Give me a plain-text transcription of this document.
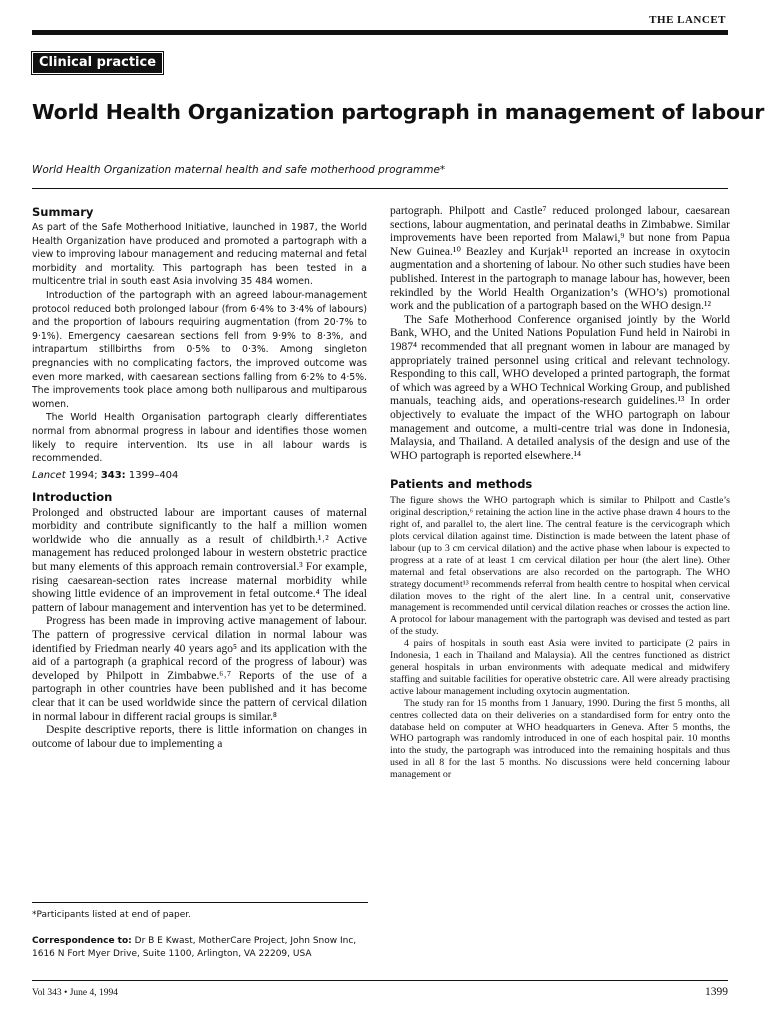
THE LANCET
Clinical practice
World Health Organization partograph in management of labour
World Health Organization maternal health and safe motherhood programme*
Summary

As part of the Safe Motherhood Initiative, launched in 1987, the World Health Organization have produced and promoted a partograph with a view to improving labour management and reducing maternal and fetal morbidity and mortality. This partograph has been tested in a multicentre trial in south east Asia involving 35 484 women.

Introduction of the partograph with an agreed labour-management protocol reduced both prolonged labour (from 6·4% to 3·4% of labours) and the proportion of labours requiring augmentation (from 20·7% to 9·1%). Emergency caesarean sections fell from 9·9% to 8·3%, and intrapartum stillbirths from 0·5% to 0·3%. Among singleton pregnancies with no complicating factors, the improved outcome was even more marked, with caesarean sections falling from 6·2% to 4·5%. The improvements took place among both nulliparous and multiparous women.

The World Health Organisation partograph clearly differentiates normal from abnormal progress in labour and identifies those women likely to require intervention. Its use in all labour wards is recommended.

Lancet 1994; 343: 1399–404

Introduction

Prolonged and obstructed labour are important causes of maternal morbidity and contribute significantly to the half a million women worldwide who die annually as a result of childbirth.¹˒² Active management has reduced prolonged labour in western obstetric practice but many elements of this approach remain controversial.³ For example, rising caesarean-section rates increase maternal morbidity while showing little evidence of an improvement in fetal outcome.⁴ The ideal pattern of labour management and intervention has yet to be determined.

Progress has been made in improving active management of labour. The pattern of progressive cervical dilation in normal labour was identified by Friedman nearly 40 years ago⁵ and its application with the aid of a partograph (a graphical record of the progress of labour) was developed by Philpott in Zimbabwe.⁶˒⁷ Reports of the use of a partograph in other countries have been published and it has become clear that it can be used worldwide since the pattern of cervical dilation in normal labour in different racial groups is similar.⁸

Despite descriptive reports, there is little information on changes in outcome of labour due to implementing a

partograph. Philpott and Castle⁷ reduced prolonged labour, caesarean sections, labour augmentation, and perinatal deaths in Zimbabwe. Similar improvements have been reported from Malawi,⁹ but none from Papua New Guinea.¹⁰ Beazley and Kurjak¹¹ reported an increase in oxytocin augmentation and a shortening of labour. No other such studies have been published. Interest in the partograph to manage labour has, however, been rekindled by the World Health Organization’s (WHO’s) promotional work and the publication of a partograph based on the WHO design.¹²

The Safe Motherhood Conference organised jointly by the World Bank, WHO, and the United Nations Population Fund held in Nairobi in 1987⁴ recommended that all pregnant women in labour are managed by appropriately trained personnel using critical and relevant technology. Responding to this call, WHO developed a printed partograph, the format of which was agreed by a WHO Technical Working Group, and published manuals, teaching aids, and operations-research guidelines.¹³ In order objectively to evaluate the impact of the WHO partograph on labour management and outcome, a multi-centre trial was done in Indonesia, Malaysia, and Thailand. A detailed analysis of the design and use of the WHO partograph is reported elsewhere.¹⁴

Patients and methods

The figure shows the WHO partograph which is similar to Philpott and Castle’s original description,⁶ retaining the action line in the active phase drawn 4 hours to the right of, and parallel to, the alert line. The central feature is the cervicograph which plots cervical dilation against time. Distinction is made between the latent phase of labour (up to 3 cm cervical dilation) and the active phase when labour is expected to progress at a rate of at least 1 cm cervical dilation per hour (the alert line). Other maternal and fetal observations are also recorded on the partograph. The WHO strategy document¹³ recommends referral from health centre to hospital when cervical dilation moves to the right of the alert line. In a central unit, conservative management is recommended until cervical dilation reaches or crosses the action line. A protocol for labour management with the partograph was devised and tested as part of the study.

4 pairs of hospitals in south east Asia were invited to participate (2 pairs in Indonesia, 1 each in Thailand and Malaysia). All the centres functioned as district general hospitals in urban environments with adequate medical and midwifery staffing and suitable facilities for operative obstetric care. All were already practising active labour management including oxytocin augmentation.

The study ran for 15 months from 1 January, 1990. During the first 5 months, all centres collected data on their deliveries on a standardised form for entry onto the database held on computer at WHO headquarters in Geneva. After 5 months, the WHO partograph was randomly introduced in one of each hospital pair. 10 months into the study, the partograph was introduced into the remaining hospitals and thus used in all 8 for the last 5 months. No discussions were held concerning labour management or

*Participants listed at end of paper.
Correspondence to: Dr B E Kwast, MotherCare Project, John Snow Inc, 1616 N Fort Myer Drive, Suite 1100, Arlington, VA 22209, USA
Vol 343 • June 4, 1994	1399
